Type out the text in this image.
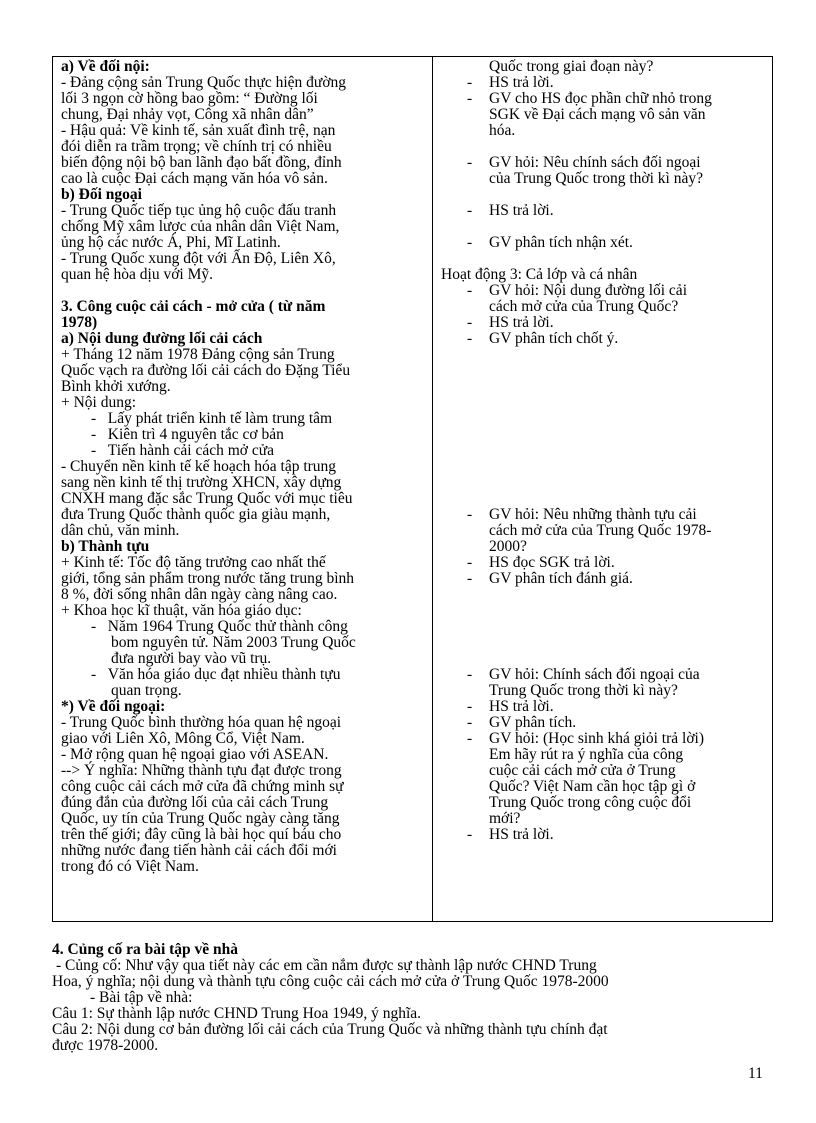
a) Về đối nội:
- Đảng cộng sản Trung Quốc thực hiện đường
lối 3 ngọn cờ hồng bao gồm: “ Đường lối
chung, Đại nhảy vọt, Công xã nhân dân”
- Hậu quả: Về kinh tế, sản xuất đình trệ, nạn
đói diễn ra trầm trọng; về chính trị có nhiều
biến động nội bộ ban lãnh đạo bất đồng, đỉnh
cao là cuộc Đại cách mạng văn hóa vô sản.
b) Đối ngoại
- Trung Quốc tiếp tục ủng hộ cuộc đấu tranh
chống Mỹ xâm lược của nhân dân Việt Nam,
ủng hộ các nước Á, Phi, Mĩ Latinh.
- Trung Quốc xung đột với Ấn Độ, Liên Xô,
quan hệ hòa dịu với Mỹ.
3. Công cuộc cải cách - mở cửa ( từ năm
1978)
a) Nội dung đường lối cải cách
+ Tháng 12 năm 1978 Đảng cộng sản Trung
Quốc vạch ra đường lối cải cách do Đặng Tiểu
Bình khởi xướng.
+ Nội dung:
- Lấy phát triển kinh tế làm trung tâm
- Kiên trì 4 nguyên tắc cơ bản
- Tiến hành cải cách mở cửa
- Chuyển nền kinh tế kế hoạch hóa tập trung
sang nền kinh tế thị trường XHCN, xây dựng
CNXH mang đặc sắc Trung Quốc với mục tiêu
đưa Trung Quốc thành quốc gia giàu mạnh,
dân chủ, văn minh.
b) Thành tựu
+ Kinh tế: Tốc độ tăng trưởng cao nhất thế
giới, tổng sản phẩm trong nước tăng trung bình
8 %, đời sống nhân dân ngày càng nâng cao.
+ Khoa học kĩ thuật, văn hóa giáo dục:
- Năm 1964 Trung Quốc thử thành công
bom nguyên tử. Năm 2003 Trung Quốc
đưa người bay vào vũ trụ.
- Văn hóa giáo dục đạt nhiều thành tựu
quan trọng.
*) Về đối ngoại:
- Trung Quốc bình thường hóa quan hệ ngoại
giao với Liên Xô, Mông Cổ, Việt Nam.
- Mở rộng quan hệ ngoại giao với ASEAN.
--> Ý nghĩa: Những thành tựu đạt được trong
công cuộc cải cách mở cửa đã chứng minh sự
đúng đắn của đường lối của cải cách Trung
Quốc, uy tín của Trung Quốc ngày càng tăng
trên thế giới; đây cũng là bài học quí báu cho
những nước đang tiến hành cải cách đổi mới
trong đó có Việt Nam.
Quốc trong giai đoạn này?
- HS trả lời.
- GV cho HS đọc phần chữ nhỏ trong
SGK về Đại cách mạng vô sản văn
hóa.
- GV hỏi: Nêu chính sách đối ngoại
của Trung Quốc trong thời kì này?
- HS trả lời.
- GV phân tích nhận xét.
Hoạt động 3: Cả lớp và cá nhân
- GV hỏi: Nội dung đường lối cải
cách mở cửa của Trung Quốc?
- HS trả lời.
- GV phân tích chốt ý.
- GV hỏi: Nêu những thành tựu cải
cách mở cửa của Trung Quốc 1978-
2000?
- HS đọc SGK trả lời.
- GV phân tích đánh giá.
- GV hỏi: Chính sách đối ngoại của
Trung Quốc trong thời kì này?
- HS trả lời.
- GV phân tích.
- GV hỏi: (Học sinh khá giỏi trả lời)
Em hãy rút ra ý nghĩa của công
cuộc cải cách mở cửa ở Trung
Quốc? Việt Nam cần học tập gì ở
Trung Quốc trong công cuộc đổi
mới?
- HS trả lời.
4. Củng cố ra bài tập về nhà
- Củng cố: Như vậy qua tiết này các em cần nắm được sự thành lập nước CHND Trung
Hoa, ý nghĩa; nội dung và thành tựu công cuộc cải cách mở cửa ở Trung Quốc 1978-2000
- Bài tập về nhà:
Câu 1: Sự thành lập nước CHND Trung Hoa 1949, ý nghĩa.
Câu 2: Nội dung cơ bản đường lối cải cách của Trung Quốc và những thành tựu chính đạt
được 1978-2000.
11
